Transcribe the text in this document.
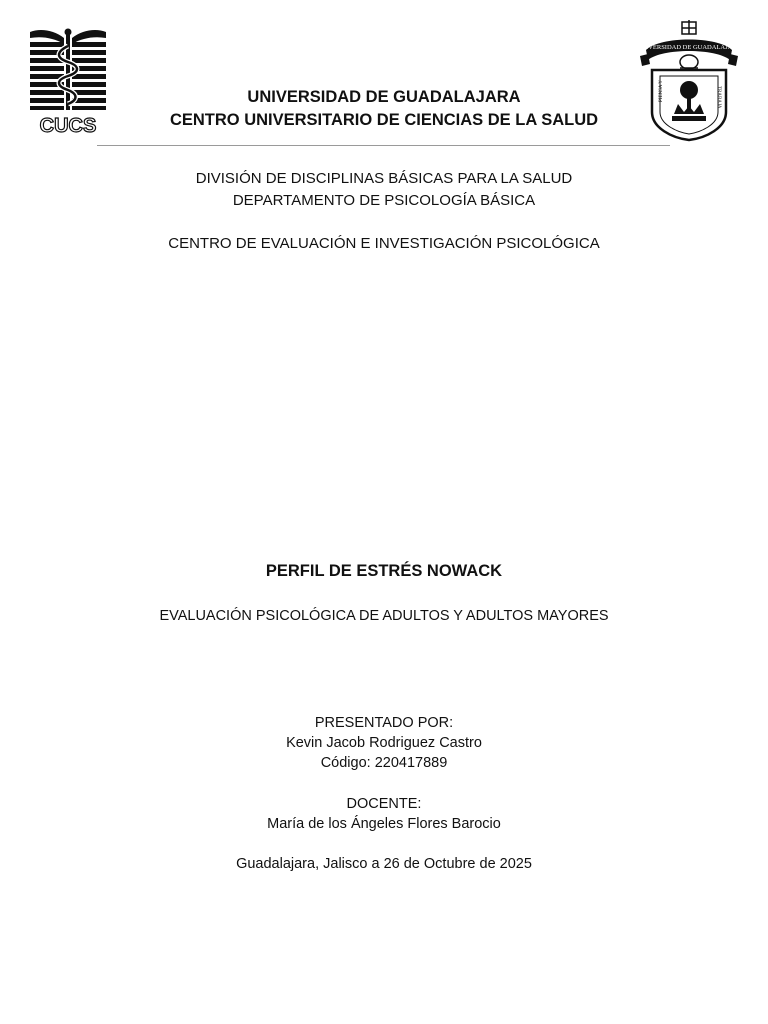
CUCS
UNIVERSIDAD DE GUADALAJARA
PIENSA Y	TRABAJA
UNIVERSIDAD DE GUADALAJARA
CENTRO UNIVERSITARIO DE CIENCIAS DE LA SALUD
DIVISIÓN DE DISCIPLINAS BÁSICAS PARA LA SALUD
DEPARTAMENTO DE PSICOLOGÍA BÁSICA
CENTRO DE EVALUACIÓN E INVESTIGACIÓN PSICOLÓGICA
PERFIL DE ESTRÉS NOWACK
EVALUACIÓN PSICOLÓGICA DE ADULTOS Y ADULTOS MAYORES
PRESENTADO POR:
Kevin Jacob Rodriguez Castro
Código: 220417889
DOCENTE:
María de los Ángeles Flores Barocio
Guadalajara, Jalisco a 26 de Octubre de 2025
